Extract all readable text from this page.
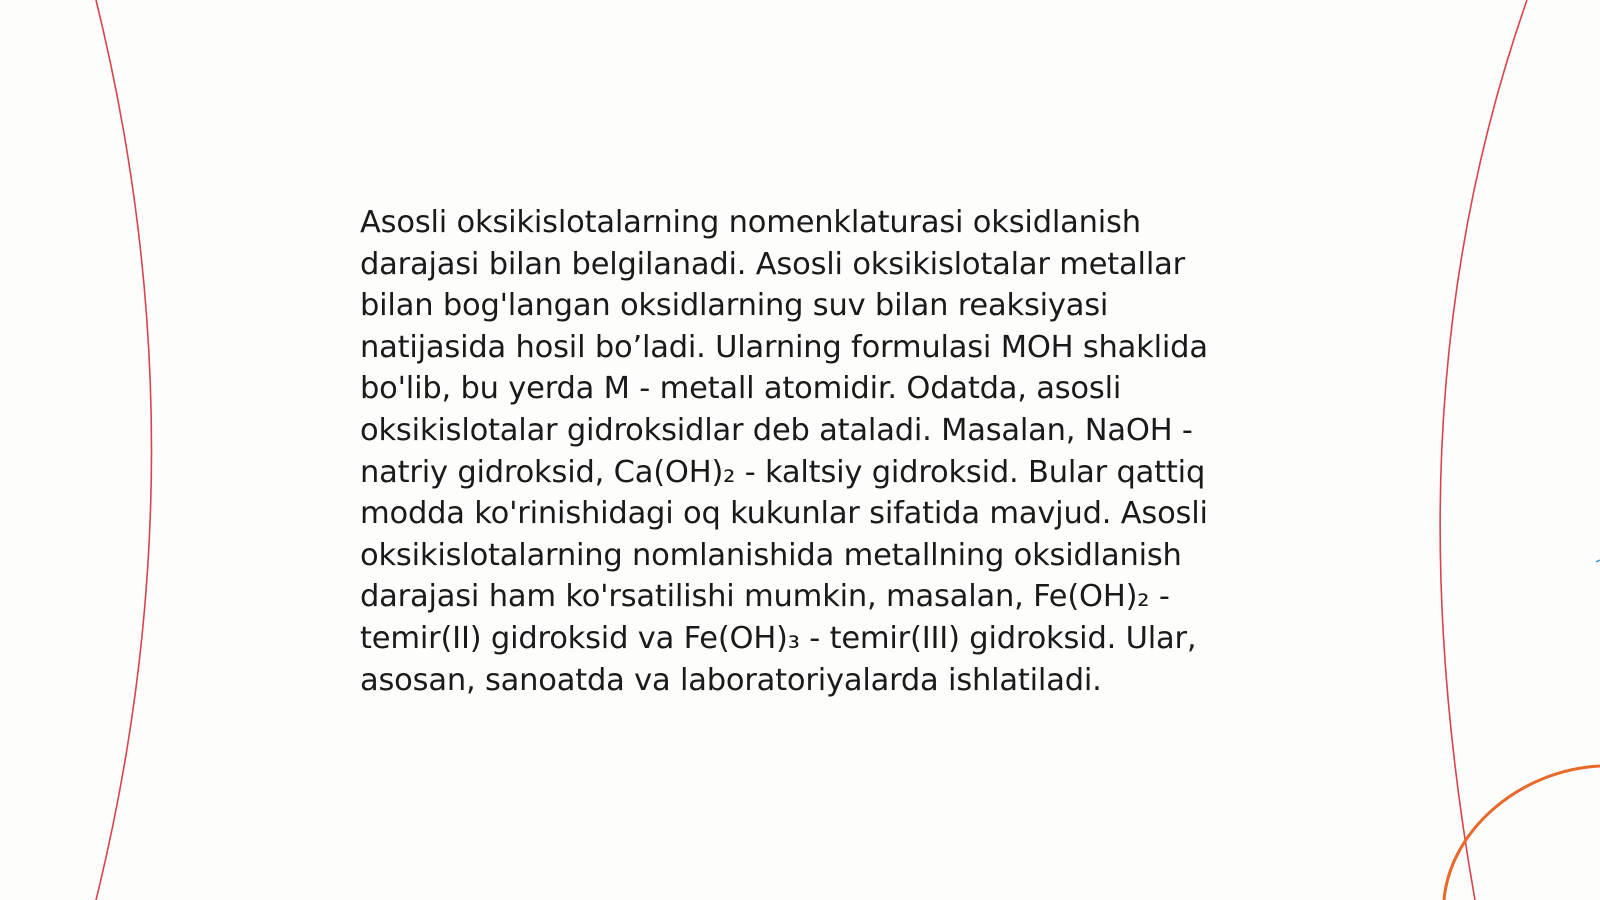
Asosli oksikislotalarning nomenklaturasi oksidlanish darajasi bilan belgilanadi. Asosli oksikislotalar metallar bilan bog'langan oksidlarning suv bilan reaksiyasi natijasida hosil bo’ladi. Ularning formulasi MOH shaklida bo'lib, bu yerda M - metall atomidir. Odatda, asosli oksikislotalar gidroksidlar deb ataladi. Masalan, NaOH - natriy gidroksid, Ca(OH)₂ - kaltsiy gidroksid. Bular qattiq modda ko'rinishidagi oq kukunlar sifatida mavjud. Asosli oksikislotalarning nomlanishida metallning oksidlanish darajasi ham ko'rsatilishi mumkin, masalan, Fe(OH)₂ - temir(II) gidroksid va Fe(OH)₃ - temir(III) gidroksid. Ular, asosan, sanoatda va laboratoriyalarda ishlatiladi.
